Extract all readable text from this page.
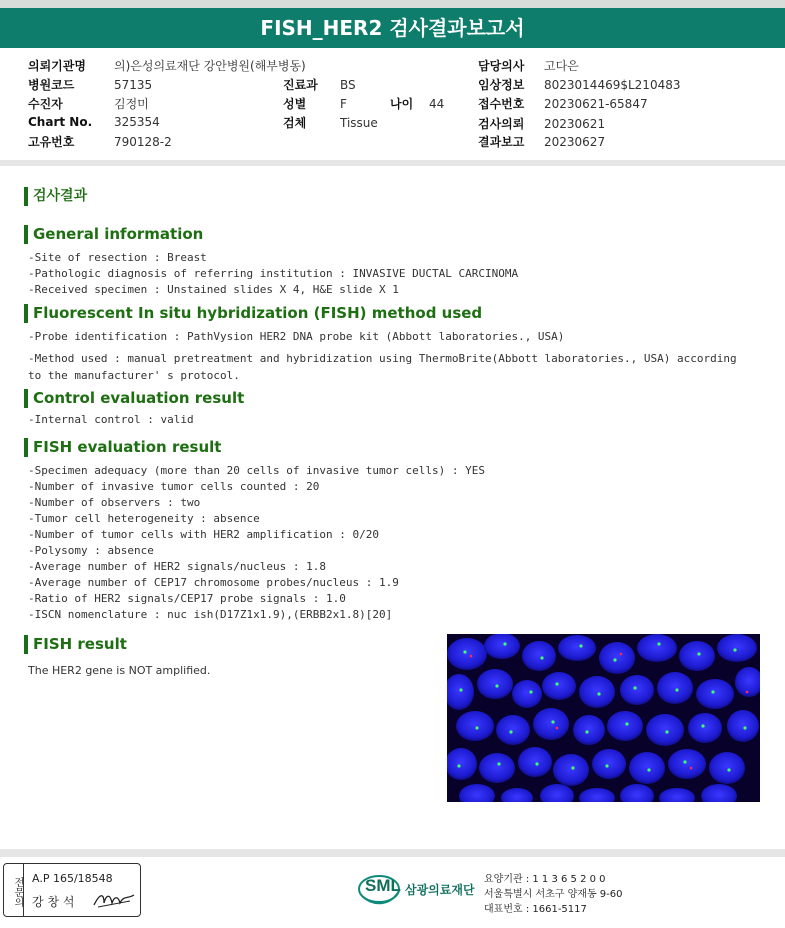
FISH_HER2 검사결과보고서
의뢰기관명 의)은성의료재단 강안병원(해부병동)
병원코드	57135
수진자	김정미
Chart No. 325354
고유번호	790128-2
진료과 BS
성별	F
검체	Tissue
나이 44
담당의사 고다은
임상정보 8023014469$L210483
접수번호 20230621-65847
검사의뢰 20230621
결과보고 20230627
검사결과
General information
-Site of resection : Breast
-Pathologic diagnosis of referring institution : INVASIVE DUCTAL CARCINOMA
-Received specimen : Unstained slides X 4, H&E slide X 1
Fluorescent In situ hybridization (FISH) method used
-Probe identification : PathVysion HER2 DNA probe kit (Abbott laboratories., USA)
-Method used : manual pretreatment and hybridization using ThermoBrite(Abbott laboratories., USA) according
to the manufacturer' s protocol.
Control evaluation result
-Internal control : valid
FISH evaluation result
-Specimen adequacy (more than 20 cells of invasive tumor cells) : YES
-Number of invasive tumor cells counted : 20
-Number of observers : two
-Tumor cell heterogeneity : absence
-Number of tumor cells with HER2 amplification : 0/20
-Polysomy : absence
-Average number of HER2 signals/nucleus : 1.8
-Average number of CEP17 chromosome probes/nucleus : 1.9
-Ratio of HER2 signals/CEP17 probe signals : 1.0
-ISCN nomenclature : nuc ish(D17Z1x1.9),(ERBB2x1.8)[20]
FISH result
The HER2 gene is NOT amplified.
전문의 A.P 165/18548
강 창 석
SML 삼광의료재단
요양기관 : 1 1 3 6 5 2 0 0
서울특별시 서초구 양재동 9-60
대표번호 : 1661-5117
